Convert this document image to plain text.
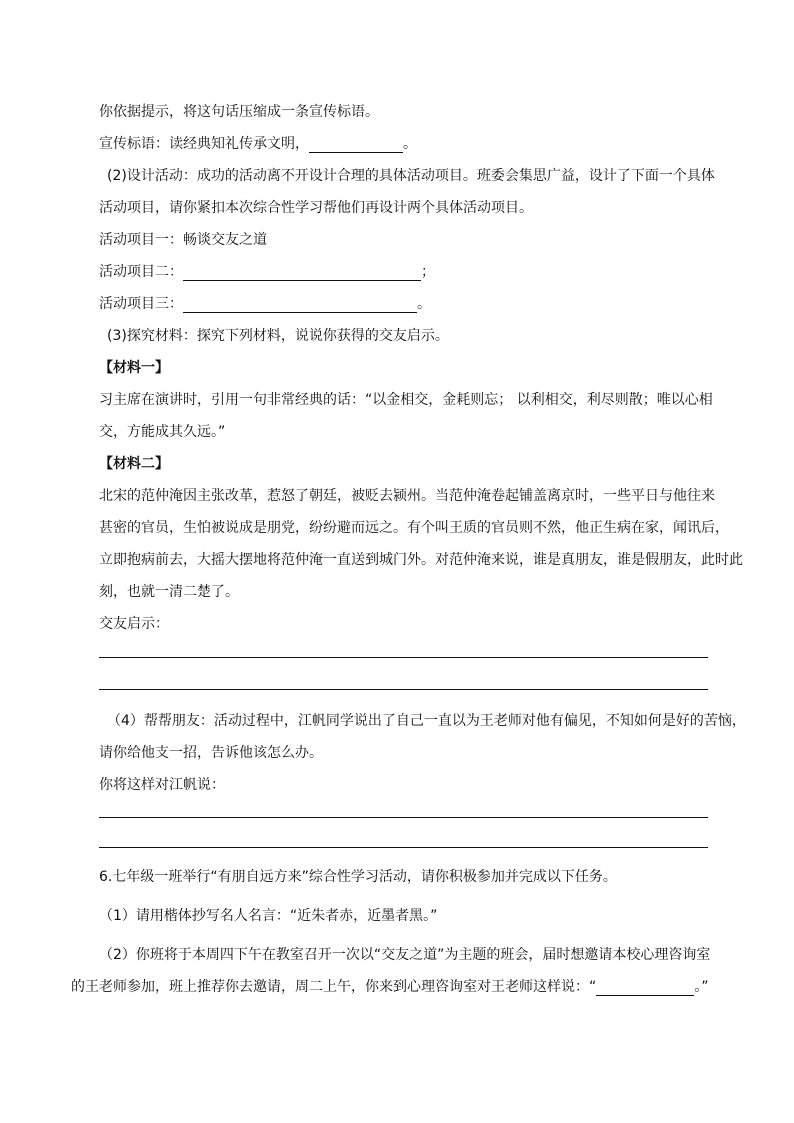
你依据提示，将这句话压缩成一条宣传标语。
宣传标语：读经典知礼传承文明，	。
(2)设计活动：成功的活动离不开设计合理的具体活动项目。班委会集思广益，设计了下面一个具体
活动项目，请你紧扣本次综合性学习帮他们再设计两个具体活动项目。
活动项目一：畅谈交友之道
活动项目二：	；
活动项目三：	。
(3)探究材料：探究下列材料，说说你获得的交友启示。
【材料一】
习主席在演讲时，引用一句非常经典的话：“以金相交，金耗则忘； 以利相交，利尽则散；唯以心相
交，方能成其久远。”
【材料二】
北宋的范仲淹因主张改革，惹怒了朝廷，被贬去颍州。当范仲淹卷起铺盖离京时，一些平日与他往来
甚密的官员，生怕被说成是朋党，纷纷避而远之。有个叫王质的官员则不然，他正生病在家，闻讯后，
立即抱病前去，大摇大摆地将范仲淹一直送到城门外。对范仲淹来说，谁是真朋友，谁是假朋友，此时此
刻，也就一清二楚了。
交友启示：
（4）帮帮朋友：活动过程中，江帆同学说出了自己一直以为王老师对他有偏见，不知如何是好的苦恼，
请你给他支一招，告诉他该怎么办。
你将这样对江帆说：
6.七年级一班举行“有朋自远方来”综合性学习活动，请你积极参加并完成以下任务。
（1）请用楷体抄写名人名言：“近朱者赤，近墨者黑。”
（2）你班将于本周四下午在教室召开一次以“交友之道”为主题的班会，届时想邀请本校心理咨询室
的王老师参加，班上推荐你去邀请，周二上午，你来到心理咨询室对王老师这样说：“	。”
